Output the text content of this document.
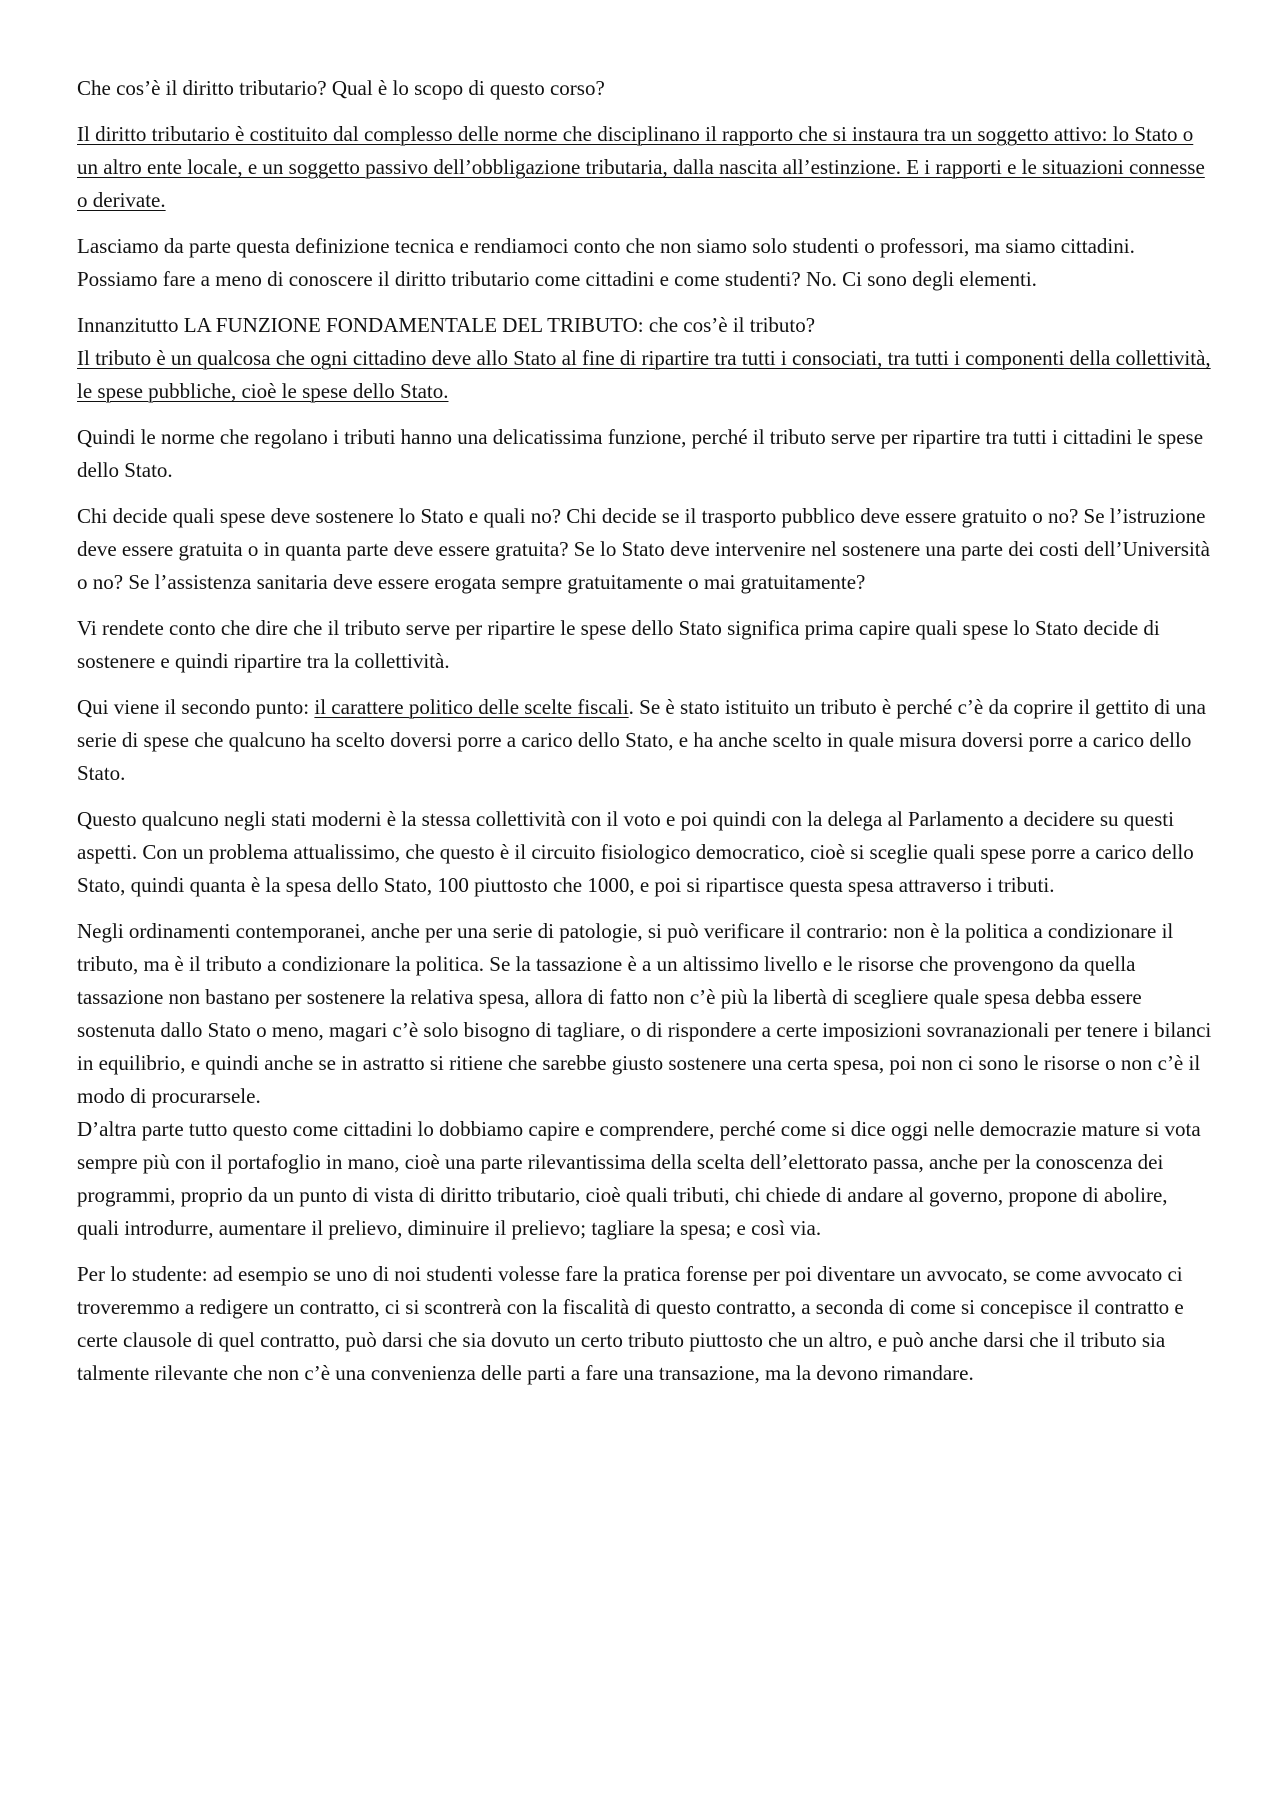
Che cos’è il diritto tributario? Qual è lo scopo di questo corso?

Il diritto tributario è costituito dal complesso delle norme che disciplinano il rapporto che si instaura tra un soggetto attivo: lo Stato o un altro ente locale, e un soggetto passivo dell’obbligazione tributaria, dalla nascita all’estinzione. E i rapporti e le situazioni connesse o derivate.

Lasciamo da parte questa definizione tecnica e rendiamoci conto che non siamo solo studenti o professori, ma siamo cittadini. Possiamo fare a meno di conoscere il diritto tributario come cittadini e come studenti? No. Ci sono degli elementi.

Innanzitutto LA FUNZIONE FONDAMENTALE DEL TRIBUTO: che cos’è il tributo?

Il tributo è un qualcosa che ogni cittadino deve allo Stato al fine di ripartire tra tutti i consociati, tra tutti i componenti della collettività, le spese pubbliche, cioè le spese dello Stato.

Quindi le norme che regolano i tributi hanno una delicatissima funzione, perché il tributo serve per ripartire tra tutti i cittadini le spese dello Stato.

Chi decide quali spese deve sostenere lo Stato e quali no? Chi decide se il trasporto pubblico deve essere gratuito o no? Se l’istruzione deve essere gratuita o in quanta parte deve essere gratuita? Se lo Stato deve intervenire nel sostenere una parte dei costi dell’Università o no? Se l’assistenza sanitaria deve essere erogata sempre gratuitamente o mai gratuitamente?

Vi rendete conto che dire che il tributo serve per ripartire le spese dello Stato significa prima capire quali spese lo Stato decide di sostenere e quindi ripartire tra la collettività.

Qui viene il secondo punto: il carattere politico delle scelte fiscali. Se è stato istituito un tributo è perché c’è da coprire il gettito di una serie di spese che qualcuno ha scelto doversi porre a carico dello Stato, e ha anche scelto in quale misura doversi porre a carico dello Stato.

Questo qualcuno negli stati moderni è la stessa collettività con il voto e poi quindi con la delega al Parlamento a decidere su questi aspetti. Con un problema attualissimo, che questo è il circuito fisiologico democratico, cioè si sceglie quali spese porre a carico dello Stato, quindi quanta è la spesa dello Stato, 100 piuttosto che 1000, e poi si ripartisce questa spesa attraverso i tributi.

Negli ordinamenti contemporanei, anche per una serie di patologie, si può verificare il contrario: non è la politica a condizionare il tributo, ma è il tributo a condizionare la politica. Se la tassazione è a un altissimo livello e le risorse che provengono da quella tassazione non bastano per sostenere la relativa spesa, allora di fatto non c’è più la libertà di scegliere quale spesa debba essere sostenuta dallo Stato o meno, magari c’è solo bisogno di tagliare, o di rispondere a certe imposizioni sovranazionali per tenere i bilanci in equilibrio, e quindi anche se in astratto si ritiene che sarebbe giusto sostenere una certa spesa, poi non ci sono le risorse o non c’è il modo di procurarsele.

D’altra parte tutto questo come cittadini lo dobbiamo capire e comprendere, perché come si dice oggi nelle democrazie mature si vota sempre più con il portafoglio in mano, cioè una parte rilevantissima della scelta dell’elettorato passa, anche per la conoscenza dei programmi, proprio da un punto di vista di diritto tributario, cioè quali tributi, chi chiede di andare al governo, propone di abolire, quali introdurre, aumentare il prelievo, diminuire il prelievo; tagliare la spesa; e così via.

Per lo studente: ad esempio se uno di noi studenti volesse fare la pratica forense per poi diventare un avvocato, se come avvocato ci troveremmo a redigere un contratto, ci si scontrerà con la fiscalità di questo contratto, a seconda di come si concepisce il contratto e certe clausole di quel contratto, può darsi che sia dovuto un certo tributo piuttosto che un altro, e può anche darsi che il tributo sia talmente rilevante che non c’è una convenienza delle parti a fare una transazione, ma la devono rimandare.
